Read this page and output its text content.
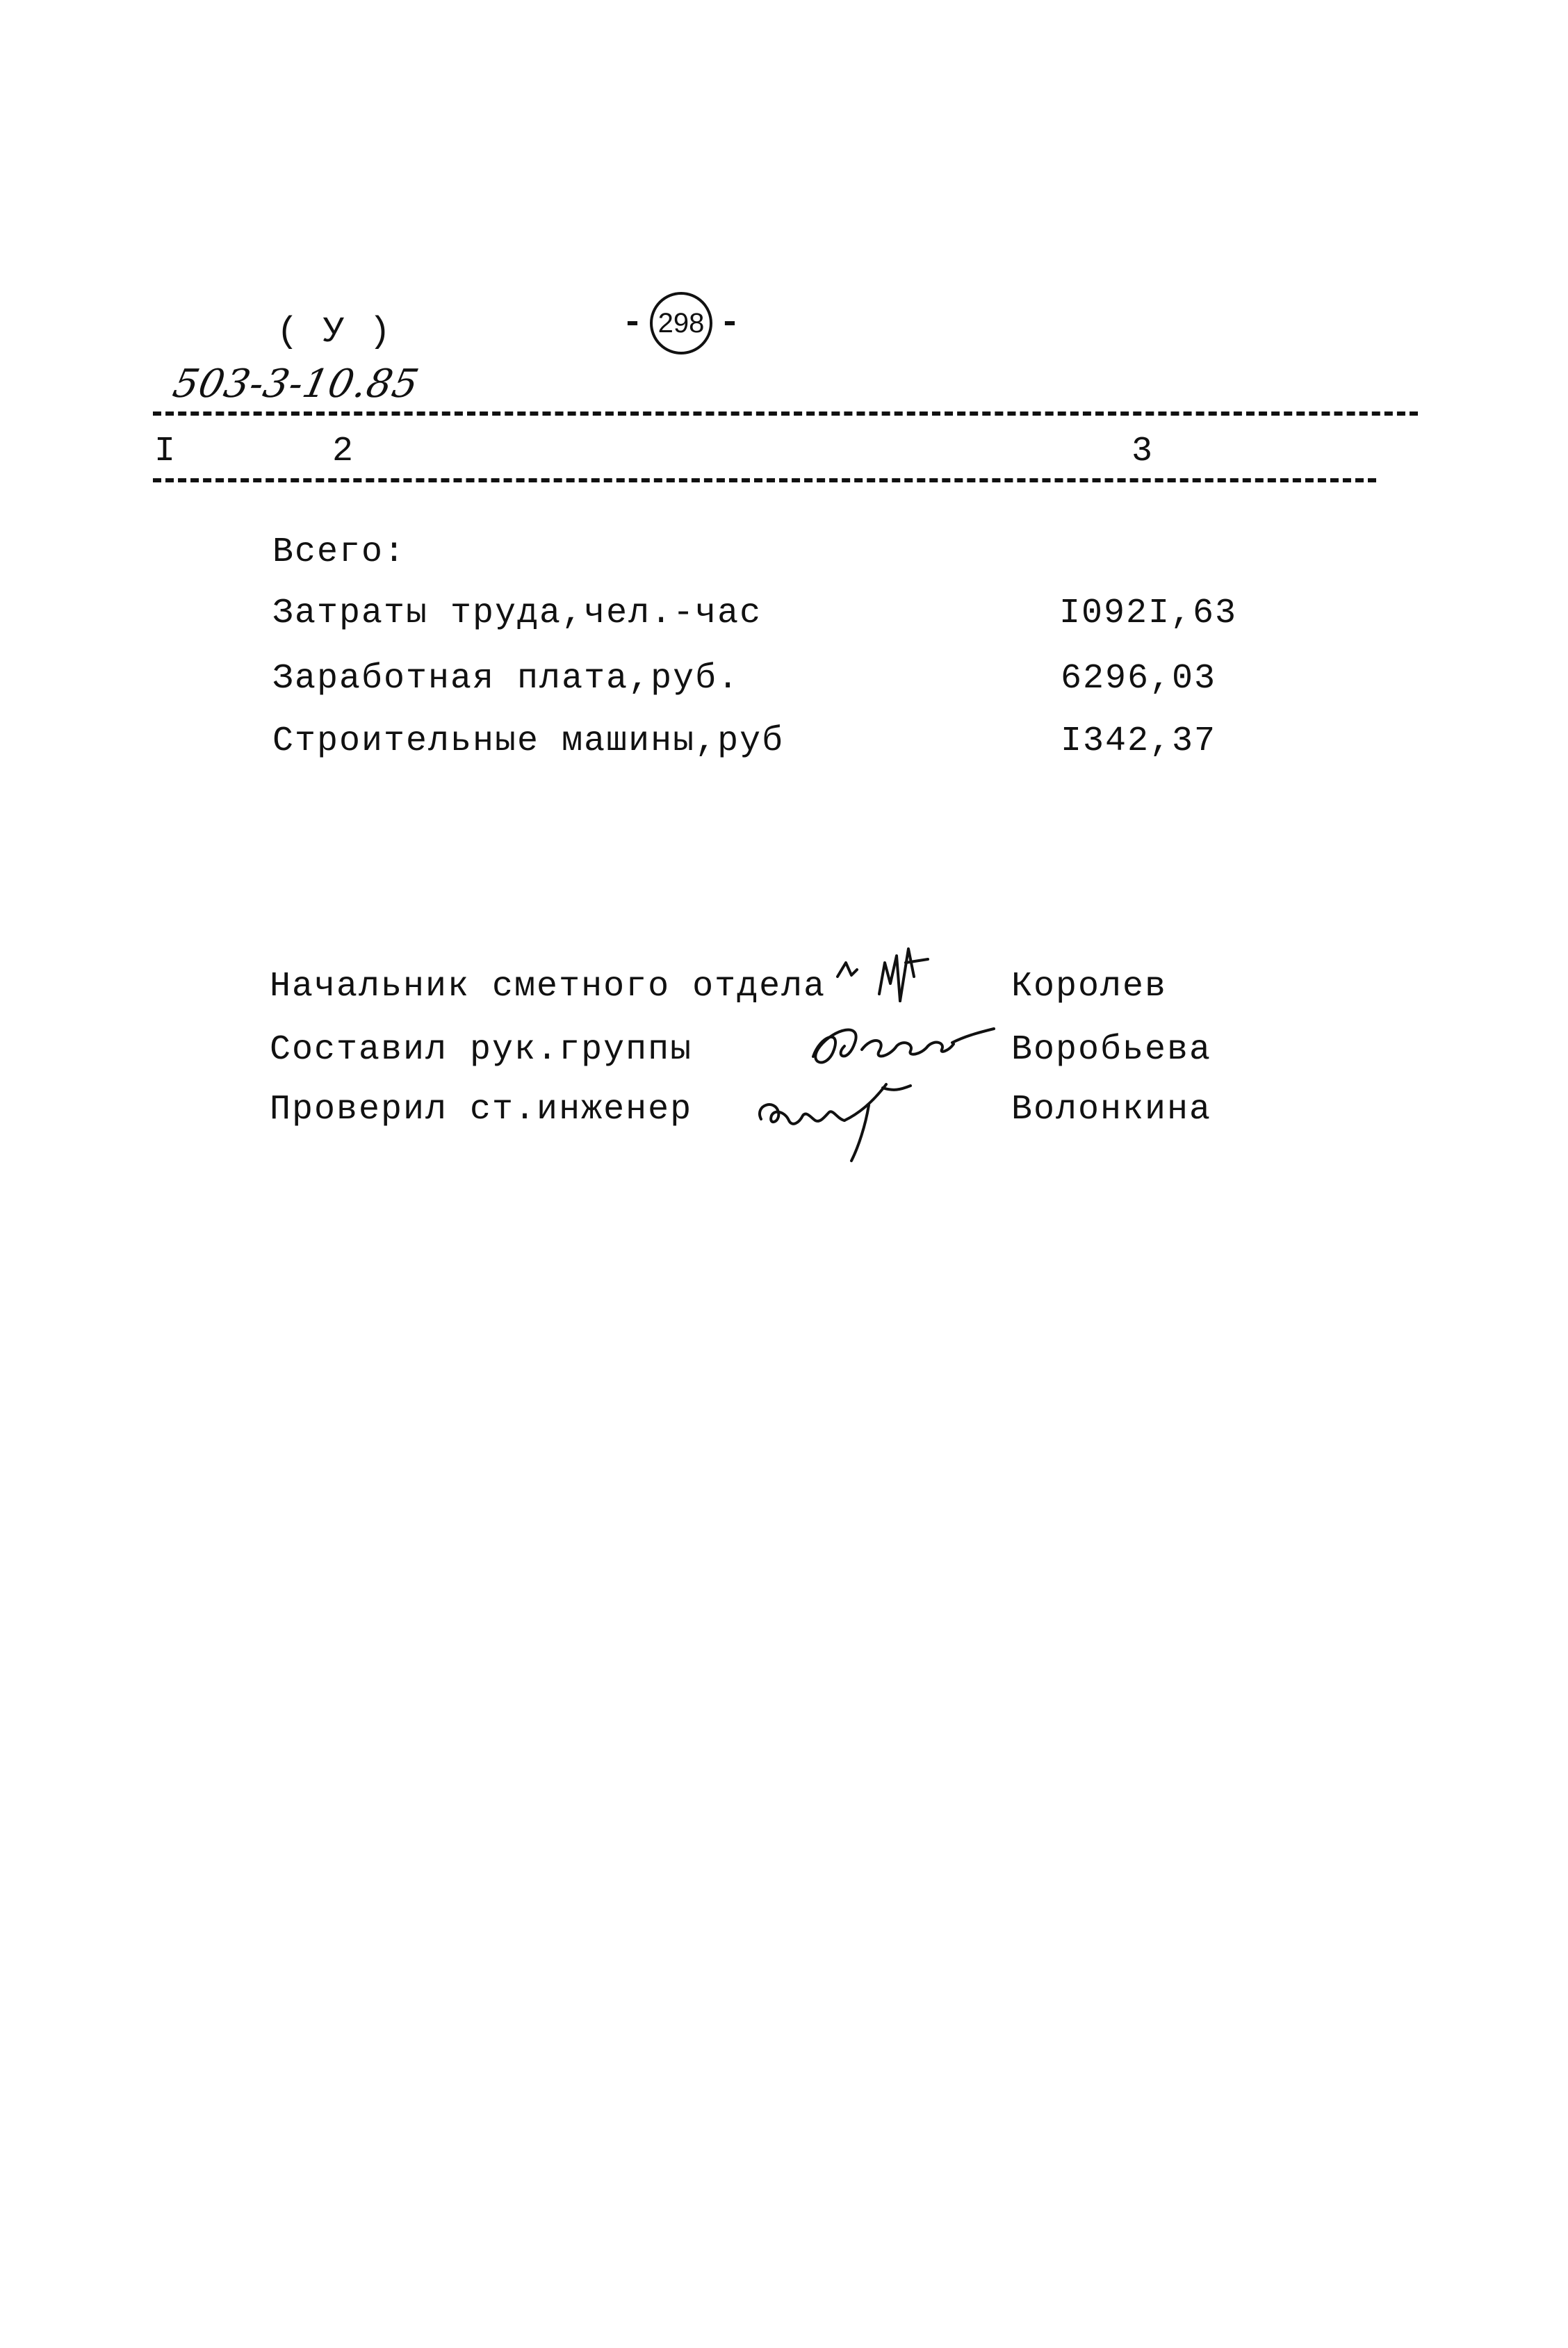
( У )	- 298 -
503-3-10.85
I	2	3
Всего:
Затраты труда,чел.-час	I092I,63
Заработная плата,руб.	6296,03
Строительные машины,руб	I342,37
Начальник сметного отдела	Королев
Составил рук.группы	Воробьева
Проверил ст.инженер	Волонкина
